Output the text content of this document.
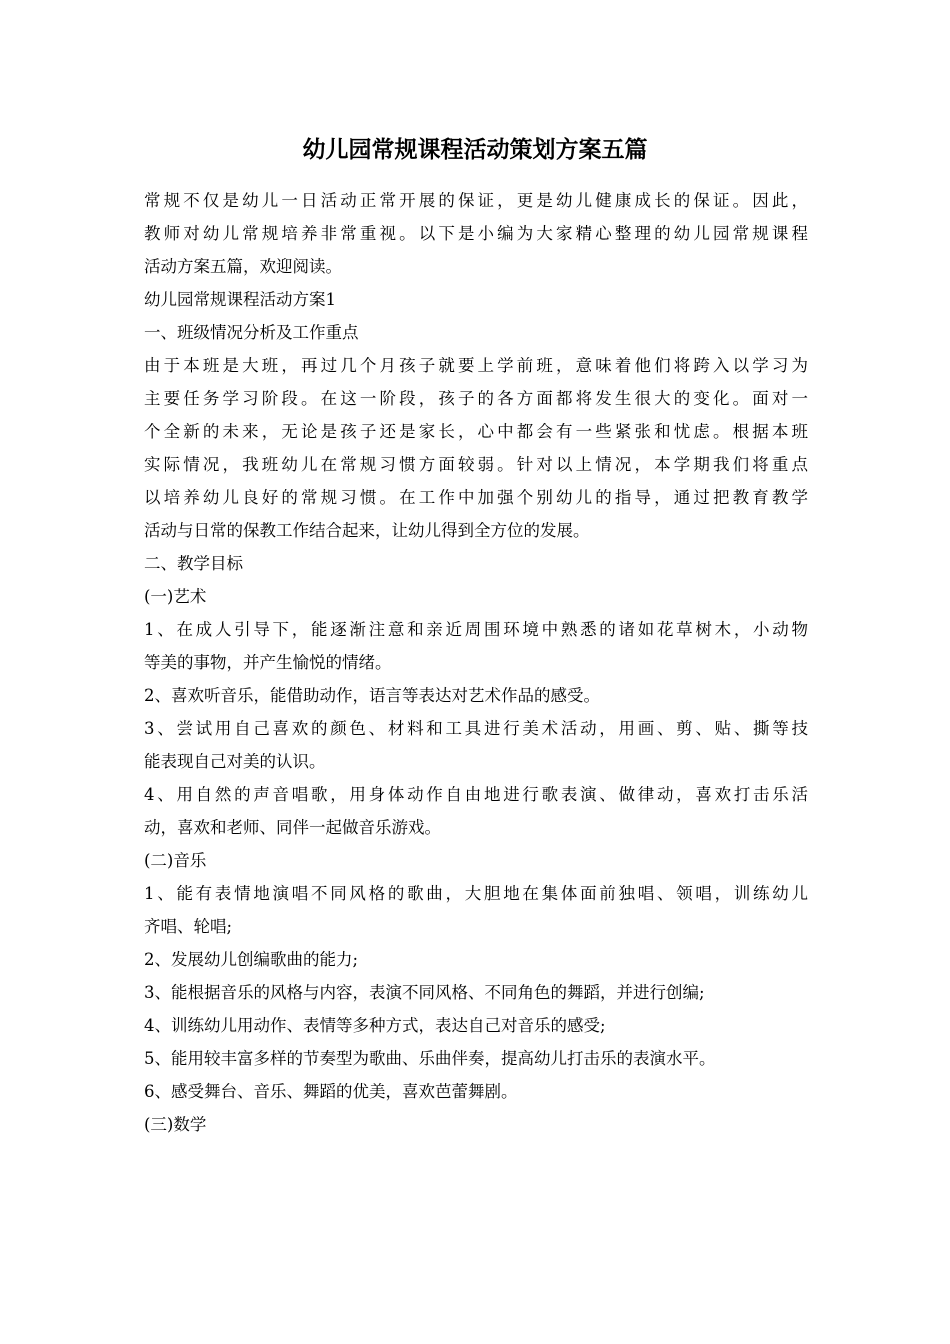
幼儿园常规课程活动策划方案五篇
常规不仅是幼儿一日活动正常开展的保证，更是幼儿健康成长的保证。因此，
教师对幼儿常规培养非常重视。以下是小编为大家精心整理的幼儿园常规课程
活动方案五篇，欢迎阅读。
幼儿园常规课程活动方案1
一、班级情况分析及工作重点
由于本班是大班，再过几个月孩子就要上学前班，意味着他们将跨入以学习为
主要任务学习阶段。在这一阶段，孩子的各方面都将发生很大的变化。面对一
个全新的未来，无论是孩子还是家长，心中都会有一些紧张和忧虑。根据本班
实际情况，我班幼儿在常规习惯方面较弱。针对以上情况，本学期我们将重点
以培养幼儿良好的常规习惯。在工作中加强个别幼儿的指导，通过把教育教学
活动与日常的保教工作结合起来，让幼儿得到全方位的发展。
二、教学目标
(一)艺术
1、在成人引导下，能逐渐注意和亲近周围环境中熟悉的诸如花草树木，小动物
等美的事物，并产生愉悦的情绪。
2、喜欢听音乐，能借助动作，语言等表达对艺术作品的感受。
3、尝试用自己喜欢的颜色、材料和工具进行美术活动，用画、剪、贴、撕等技
能表现自己对美的认识。
4、用自然的声音唱歌，用身体动作自由地进行歌表演、做律动，喜欢打击乐活
动，喜欢和老师、同伴一起做音乐游戏。
(二)音乐
1、能有表情地演唱不同风格的歌曲，大胆地在集体面前独唱、领唱，训练幼儿
齐唱、轮唱;
2、发展幼儿创编歌曲的能力;
3、能根据音乐的风格与内容，表演不同风格、不同角色的舞蹈，并进行创编;
4、训练幼儿用动作、表情等多种方式，表达自己对音乐的感受;
5、能用较丰富多样的节奏型为歌曲、乐曲伴奏，提高幼儿打击乐的表演水平。
6、感受舞台、音乐、舞蹈的优美，喜欢芭蕾舞剧。
(三)数学
